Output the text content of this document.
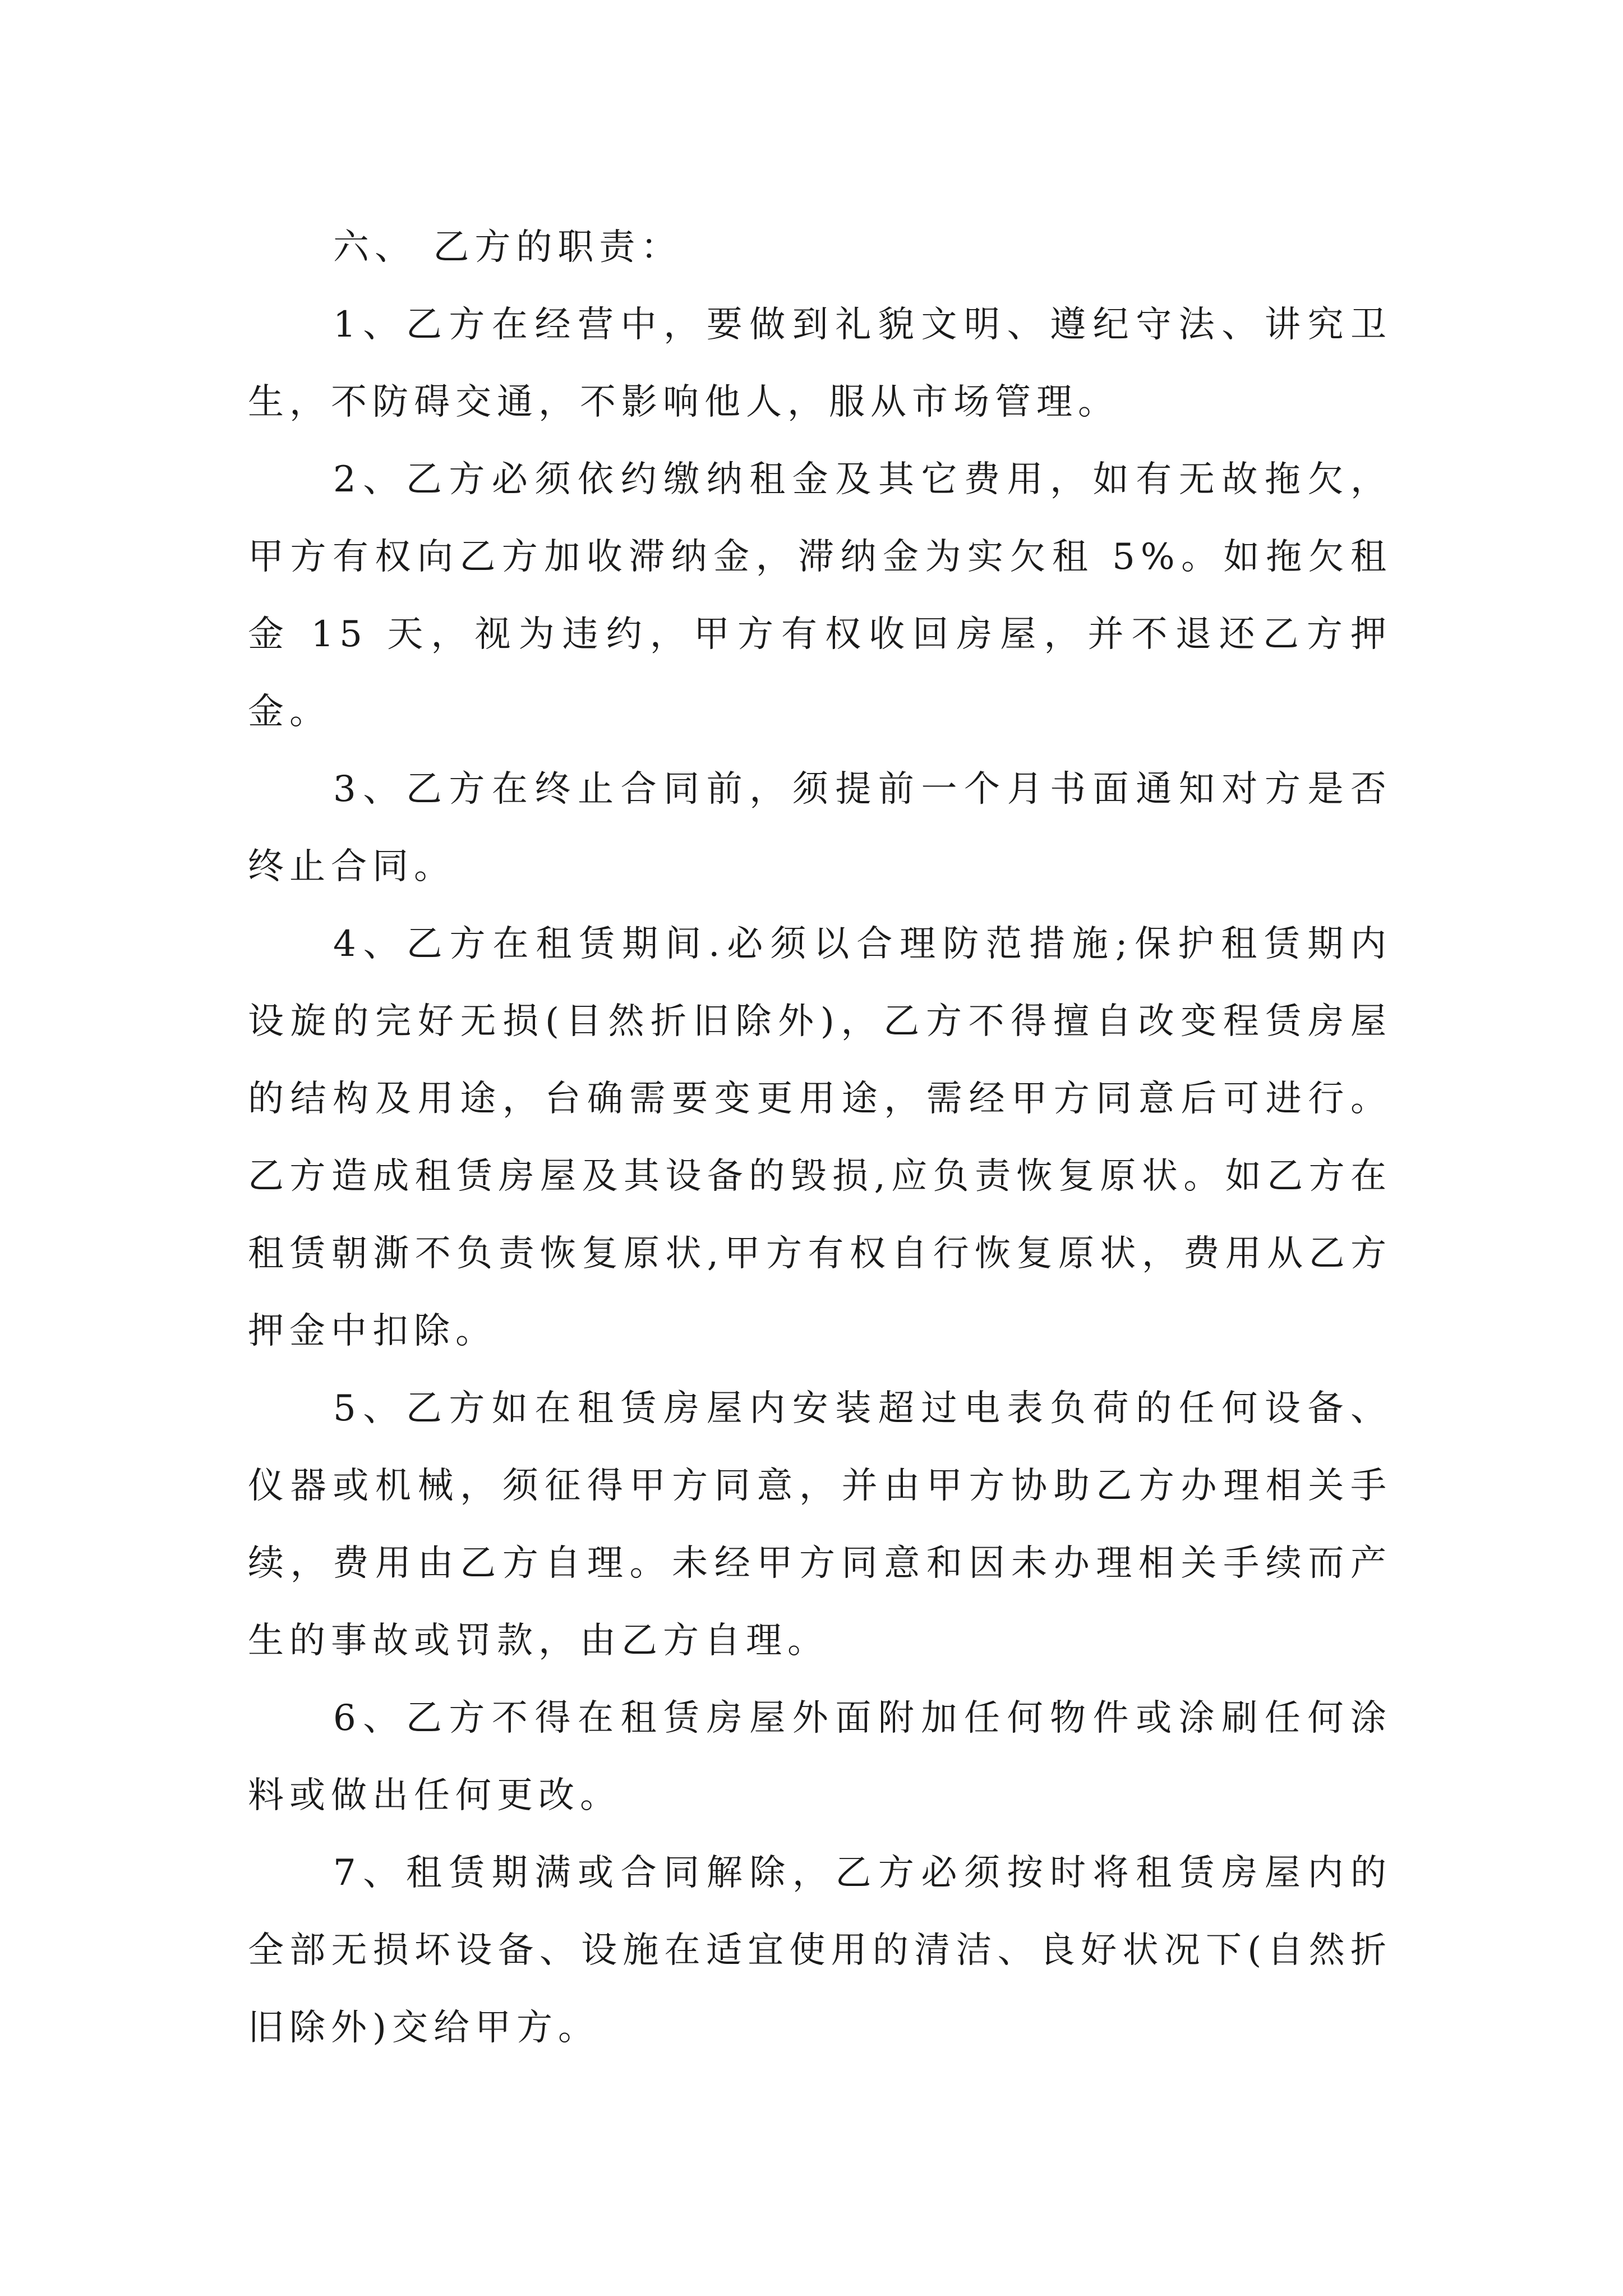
六、 乙方的职责：

1、乙方在经营中，要做到礼貌文明、遵纪守法、讲究卫生，不防碍交通，不影响他人，服从市场管理。

2、乙方必须依约缴纳租金及其它费用，如有无故拖欠，甲方有权向乙方加收滞纳金，滞纳金为实欠租 5%。如拖欠租金 15 天，视为违约，甲方有权收回房屋，并不退还乙方押金。

3、乙方在终止合同前，须提前一个月书面通知对方是否终止合同。

4、乙方在租赁期间.必须以合理防范措施;保护租赁期内设旋的完好无损(目然折旧除外)，乙方不得擅自改变程赁房屋的结构及用途，台确需要变更用途，需经甲方同意后可进行。乙方造成租赁房屋及其设备的毁损,应负责恢复原状。如乙方在租赁朝澌不负责恢复原状,甲方有权自行恢复原状，费用从乙方押金中扣除。

5、乙方如在租赁房屋内安装超过电表负荷的任何设备、仪器或机械，须征得甲方同意，并由甲方协助乙方办理相关手续，费用由乙方自理。未经甲方同意和因未办理相关手续而产生的事故或罚款，由乙方自理。

6、乙方不得在租赁房屋外面附加任何物件或涂刷任何涂料或做出任何更改。

7、租赁期满或合同解除，乙方必须按时将租赁房屋内的全部无损坏设备、设施在适宜使用的清洁、良好状况下(自然折旧除外)交给甲方。
